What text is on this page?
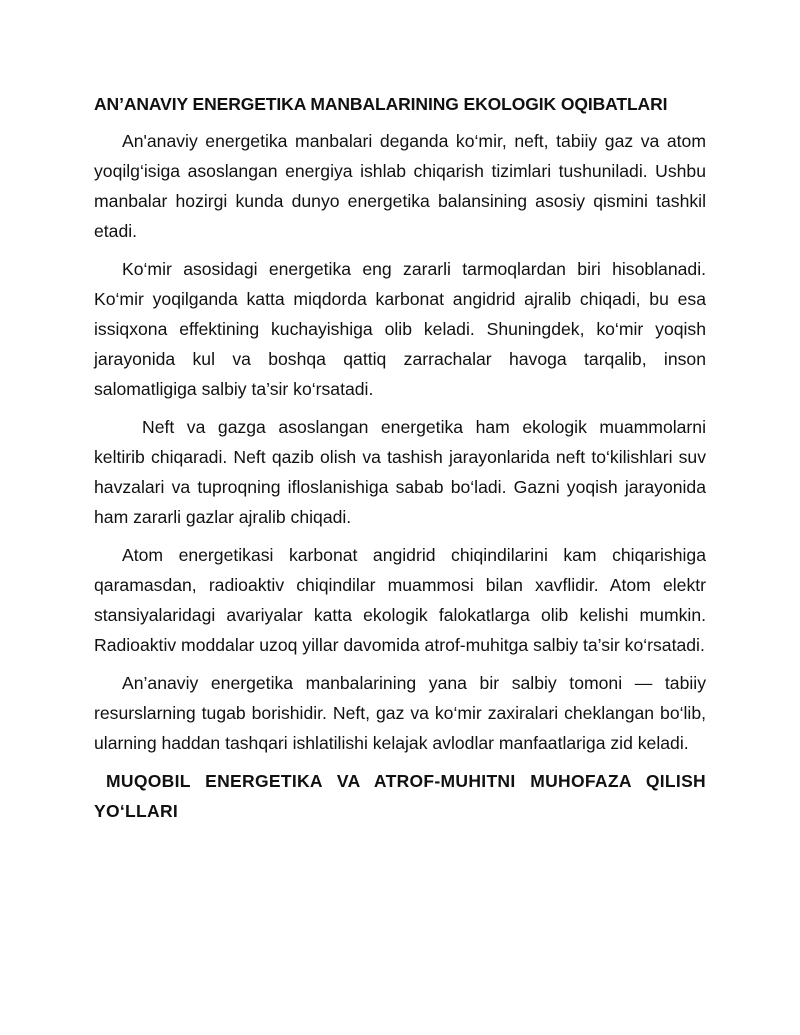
AN’ANAVIY ENERGETIKA MANBALARINING EKOLOGIK OQIBATLARI

An'anaviy energetika manbalari deganda ko‘mir, neft, tabiiy gaz va atom yoqilg‘isiga asoslangan energiya ishlab chiqarish tizimlari tushuniladi. Ushbu manbalar hozirgi kunda dunyo energetika balansining asosiy qismini tashkil etadi.

Ko‘mir asosidagi energetika eng zararli tarmoqlardan biri hisoblanadi. Ko‘mir yoqilganda katta miqdorda karbonat angidrid ajralib chiqadi, bu esa issiqxona effektining kuchayishiga olib keladi. Shuningdek, ko‘mir yoqish jarayonida kul va boshqa qattiq zarrachalar havoga tarqalib, inson salomatligiga salbiy ta’sir ko‘rsatadi.

Neft va gazga asoslangan energetika ham ekologik muammolarni keltirib chiqaradi. Neft qazib olish va tashish jarayonlarida neft to‘kilishlari suv havzalari va tuproqning ifloslanishiga sabab bo‘ladi. Gazni yoqish jarayonida ham zararli gazlar ajralib chiqadi.

Atom energetikasi karbonat angidrid chiqindilarini kam chiqarishiga qaramasdan, radioaktiv chiqindilar muammosi bilan xavflidir. Atom elektr stansiyalaridagi avariyalar katta ekologik falokatlarga olib kelishi mumkin. Radioaktiv moddalar uzoq yillar davomida atrof-muhitga salbiy ta’sir ko‘rsatadi.

An’anaviy energetika manbalarining yana bir salbiy tomoni — tabiiy resurslarning tugab borishidir. Neft, gaz va ko‘mir zaxiralari cheklangan bo‘lib, ularning haddan tashqari ishlatilishi kelajak avlodlar manfaatlariga zid keladi.

MUQOBIL ENERGETIKA VA ATROF-MUHITNI MUHOFAZA QILISH YO‘LLARI
